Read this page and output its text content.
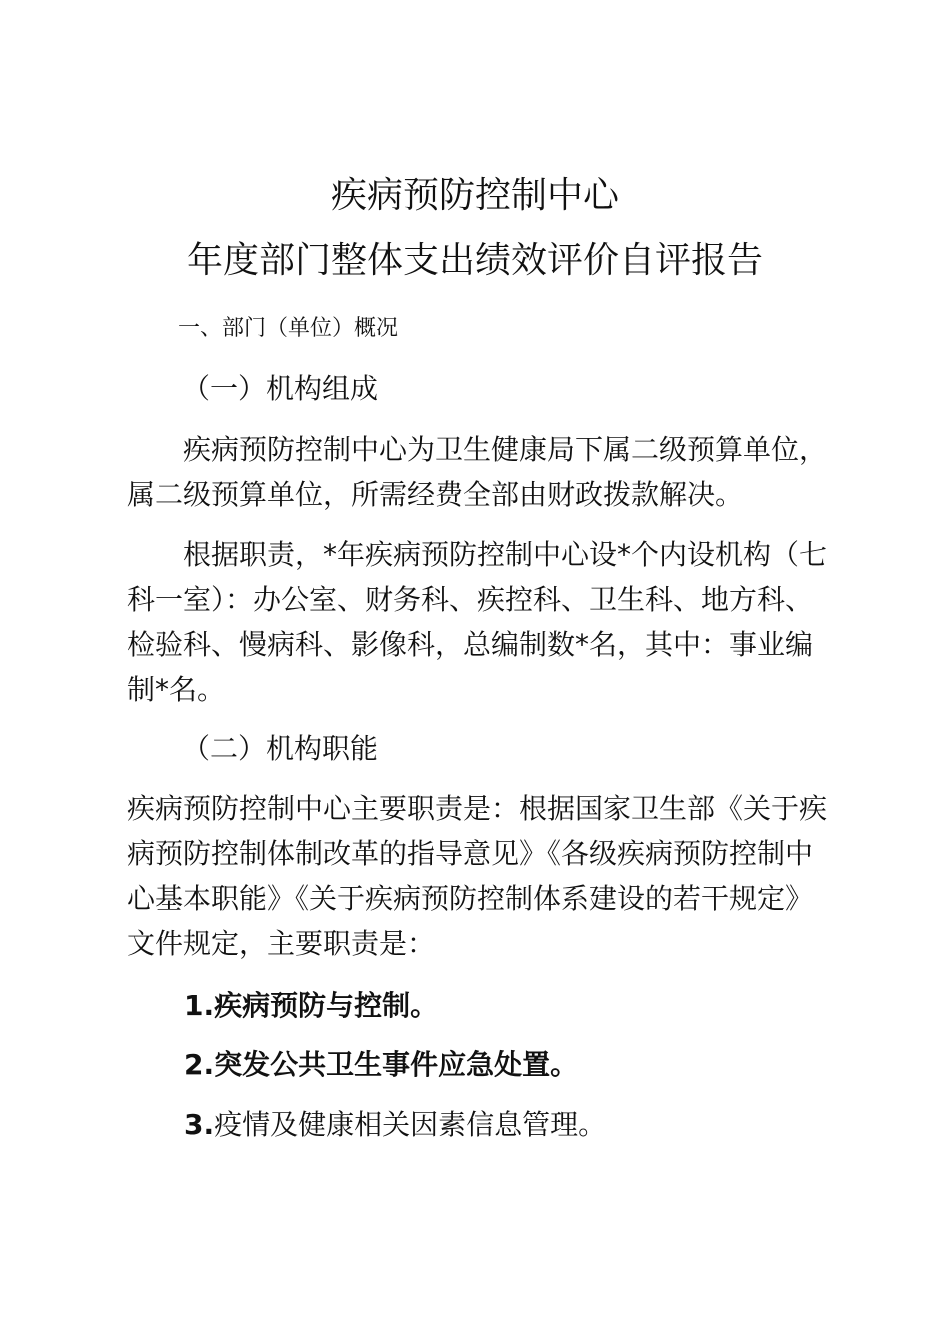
疾病预防控制中心
年度部门整体支出绩效评价自评报告
一、部门（单位）概况
（一）机构组成
疾病预防控制中心为卫生健康局下属二级预算单位，属二级预算单位，所需经费全部由财政拨款解决。
根据职责，*年疾病预防控制中心设*个内设机构（七科一室）：办公室、财务科、疾控科、卫生科、地方科、检验科、慢病科、影像科，总编制数*名，其中：事业编制*名。
（二）机构职能
疾病预防控制中心主要职责是：根据国家卫生部《关于疾病预防控制体制改革的指导意见》《各级疾病预防控制中心基本职能》《关于疾病预防控制体系建设的若干规定》文件规定，主要职责是：
1.疾病预防与控制。
2.突发公共卫生事件应急处置。
3.疫情及健康相关因素信息管理。
